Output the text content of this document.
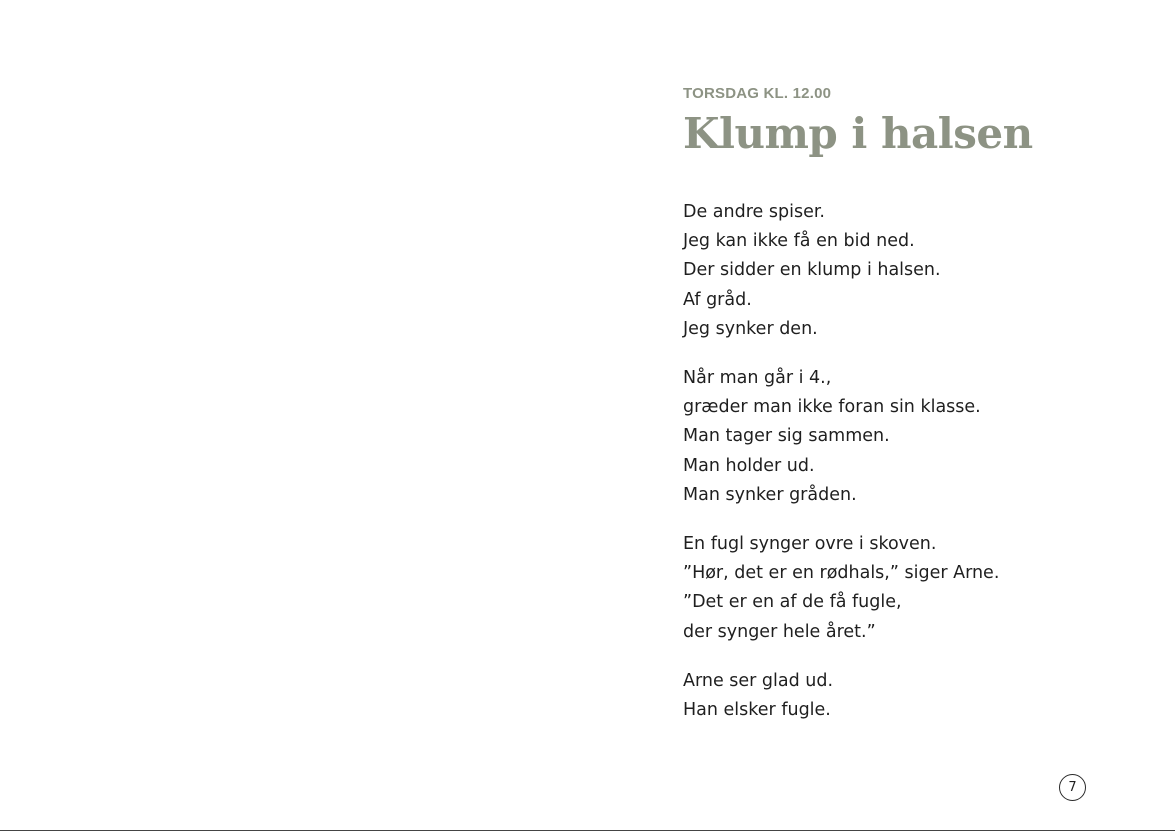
TORSDAG KL. 12.00

Klump i halsen
De andre spiser.
Jeg kan ikke få en bid ned.
Der sidder en klump i halsen.
Af gråd.
Jeg synker den.
Når man går i 4.,
græder man ikke foran sin klasse.
Man tager sig sammen.
Man holder ud.
Man synker gråden.
En fugl synger ovre i skoven.
”Hør, det er en rødhals,” siger Arne.
”Det er en af de få fugle,
der synger hele året.”
Arne ser glad ud.
Han elsker fugle.
7
